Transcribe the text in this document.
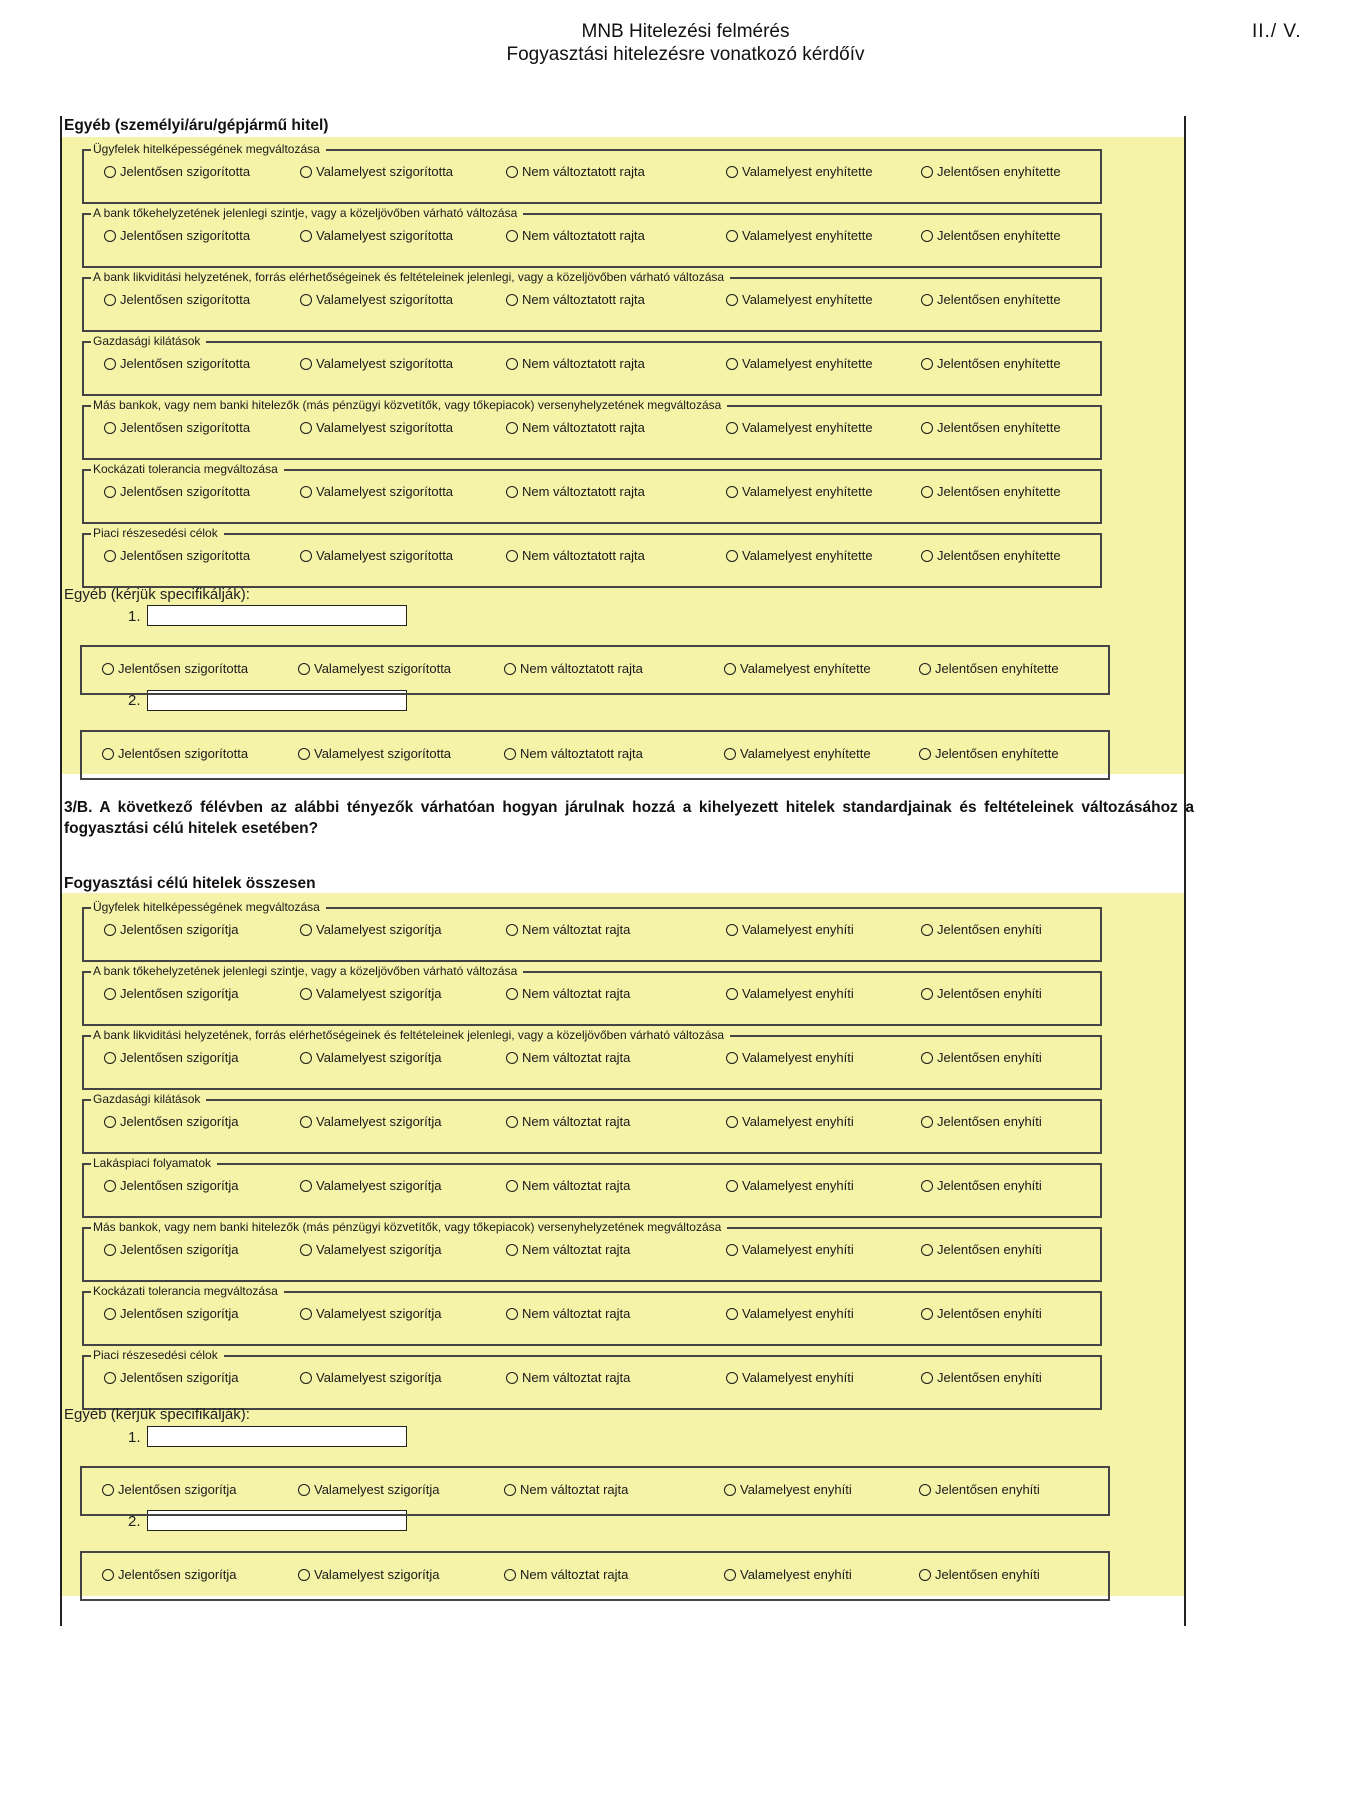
MNB Hitelezési felmérés
Fogyasztási hitelezésre vonatkozó kérdőív
II./ V.
Egyéb (személyi/áru/gépjármű hitel)
Ügyfelek hitelképességének megváltozása
Jelentősen szigorította	Valamelyest szigorította	Nem változtatott rajta	Valamelyest enyhítette	Jelentősen enyhítette
A bank tőkehelyzetének jelenlegi szintje, vagy a közeljövőben várható változása
Jelentősen szigorította	Valamelyest szigorította	Nem változtatott rajta	Valamelyest enyhítette	Jelentősen enyhítette
A bank likviditási helyzetének, forrás elérhetőségeinek és feltételeinek jelenlegi, vagy a közeljövőben várható változása
Jelentősen szigorította	Valamelyest szigorította	Nem változtatott rajta	Valamelyest enyhítette	Jelentősen enyhítette
Gazdasági kilátások
Jelentősen szigorította	Valamelyest szigorította	Nem változtatott rajta	Valamelyest enyhítette	Jelentősen enyhítette
Más bankok, vagy nem banki hitelezők (más pénzügyi közvetítők, vagy tőkepiacok) versenyhelyzetének megváltozása
Jelentősen szigorította	Valamelyest szigorította	Nem változtatott rajta	Valamelyest enyhítette	Jelentősen enyhítette
Kockázati tolerancia megváltozása
Jelentősen szigorította	Valamelyest szigorította	Nem változtatott rajta	Valamelyest enyhítette	Jelentősen enyhítette
Piaci részesedési célok
Jelentősen szigorította	Valamelyest szigorította	Nem változtatott rajta	Valamelyest enyhítette	Jelentősen enyhítette
Egyéb (kérjük specifikálják):
1.
2.
Jelentősen szigorította	Valamelyest szigorította	Nem változtatott rajta	Valamelyest enyhítette	Jelentősen enyhítette
Jelentősen szigorította	Valamelyest szigorította	Nem változtatott rajta	Valamelyest enyhítette	Jelentősen enyhítette
3/B. A következő félévben az alábbi tényezők várhatóan hogyan járulnak hozzá a kihelyezett hitelek standardjainak és feltételeinek változásához a fogyasztási célú hitelek esetében?
Fogyasztási célú hitelek összesen
Ügyfelek hitelképességének megváltozása
Jelentősen szigorítja	Valamelyest szigorítja	Nem változtat rajta	Valamelyest enyhíti	Jelentősen enyhíti
A bank tőkehelyzetének jelenlegi szintje, vagy a közeljövőben várható változása
Jelentősen szigorítja	Valamelyest szigorítja	Nem változtat rajta	Valamelyest enyhíti	Jelentősen enyhíti
A bank likviditási helyzetének, forrás elérhetőségeinek és feltételeinek jelenlegi, vagy a közeljövőben várható változása
Jelentősen szigorítja	Valamelyest szigorítja	Nem változtat rajta	Valamelyest enyhíti	Jelentősen enyhíti
Gazdasági kilátások
Jelentősen szigorítja	Valamelyest szigorítja	Nem változtat rajta	Valamelyest enyhíti	Jelentősen enyhíti
Lakáspiaci folyamatok
Jelentősen szigorítja	Valamelyest szigorítja	Nem változtat rajta	Valamelyest enyhíti	Jelentősen enyhíti
Más bankok, vagy nem banki hitelezők (más pénzügyi közvetítők, vagy tőkepiacok) versenyhelyzetének megváltozása
Jelentősen szigorítja	Valamelyest szigorítja	Nem változtat rajta	Valamelyest enyhíti	Jelentősen enyhíti
Kockázati tolerancia megváltozása
Jelentősen szigorítja	Valamelyest szigorítja	Nem változtat rajta	Valamelyest enyhíti	Jelentősen enyhíti
Piaci részesedési célok
Jelentősen szigorítja	Valamelyest szigorítja	Nem változtat rajta	Valamelyest enyhíti	Jelentősen enyhíti
Egyéb (kérjük specifikálják):
1.
2.
Jelentősen szigorítja	Valamelyest szigorítja	Nem változtat rajta	Valamelyest enyhíti	Jelentősen enyhíti
Jelentősen szigorítja	Valamelyest szigorítja	Nem változtat rajta	Valamelyest enyhíti	Jelentősen enyhíti
